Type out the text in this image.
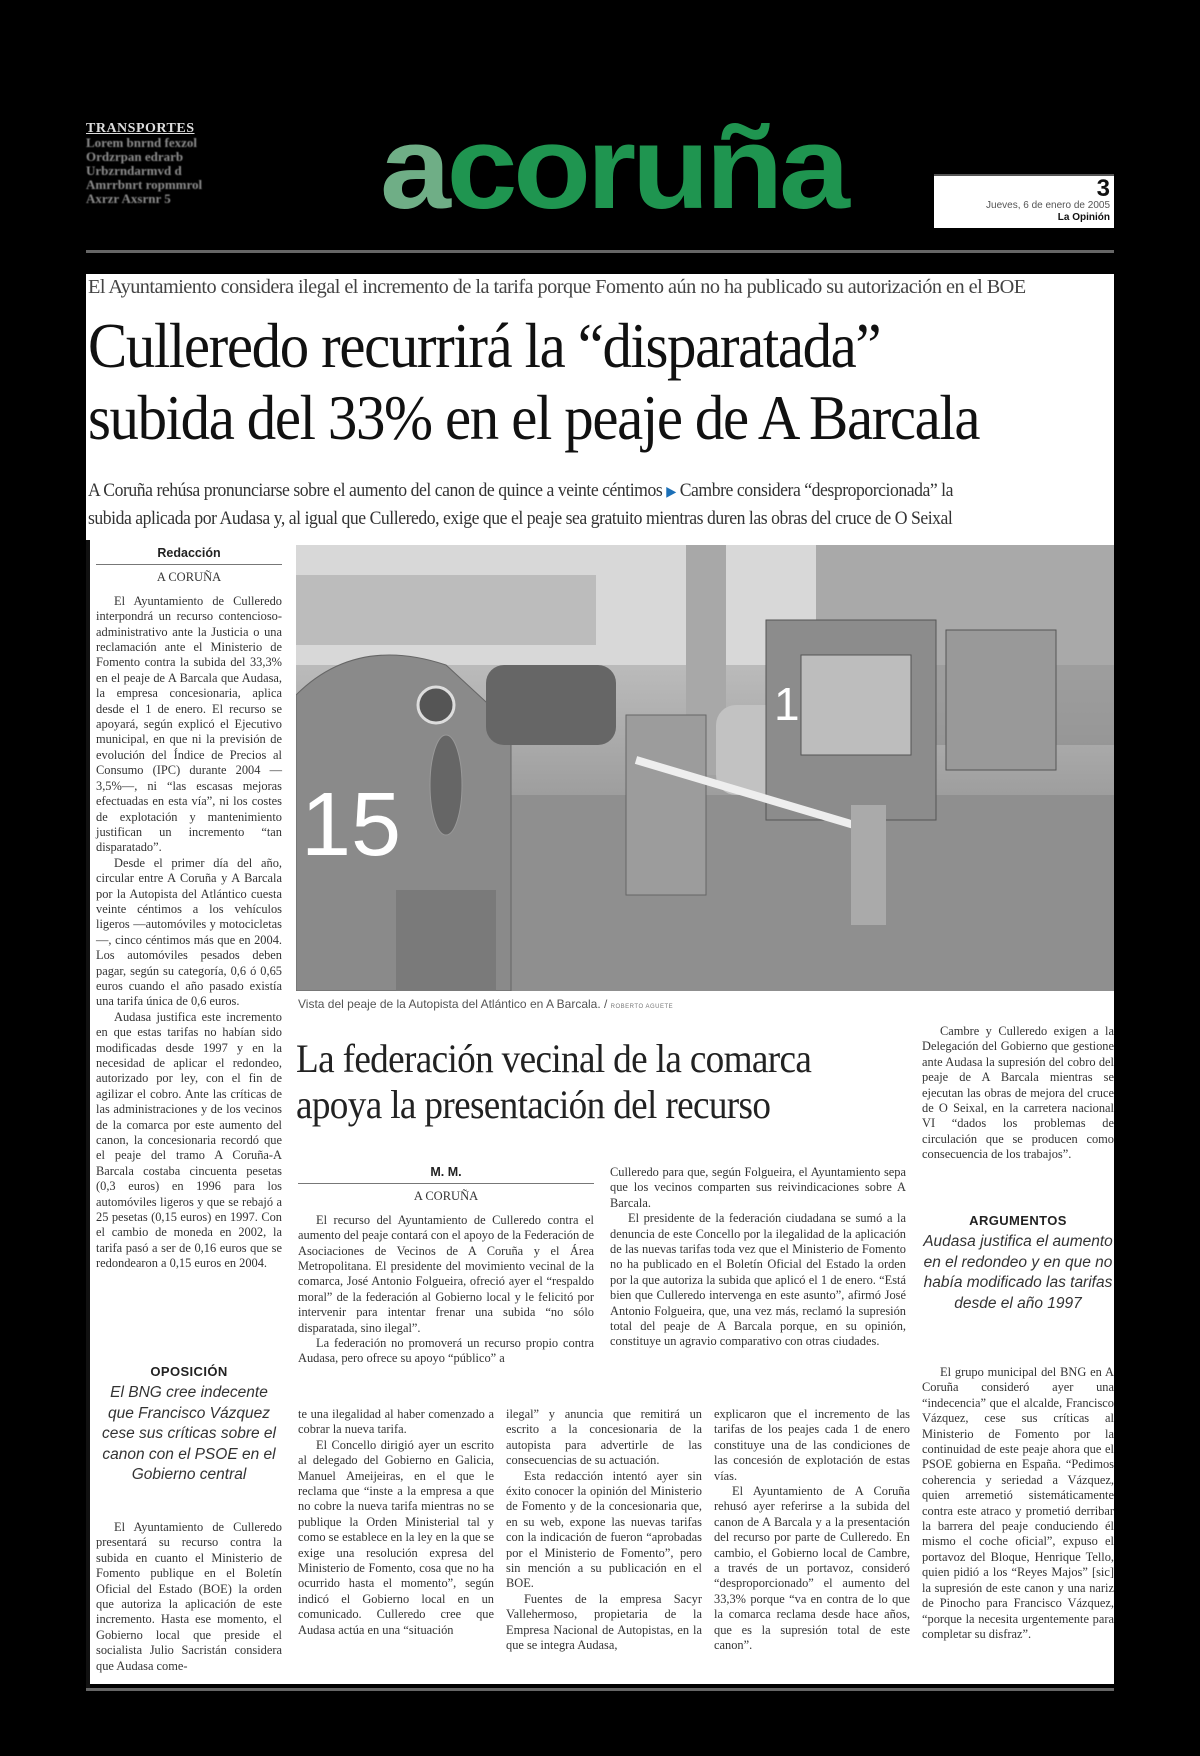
TRANSPORTES
Lorem bnrnd fexzol
Ordzrpan edrarb
Urbzrndarmvd d
Amrrbnrt ropmmrol
Axrzr Axsrnr 5	acoruña	3
Jueves, 6 de enero de 2005
La Opinión
El Ayuntamiento considera ilegal el incremento de la tarifa porque Fomento aún no ha publicado su autorización en el BOE
Culleredo recurrirá la “disparatada”
subida del 33% en el peaje de A Barcala
A Coruña rehúsa pronunciarse sobre el aumento del canon de quince a veinte céntimos ▶ Cambre considera “desproporcionada” la
subida aplicada por Audasa y, al igual que Culleredo, exige que el peaje sea gratuito mientras duren las obras del cruce de O Seixal
Redacción
A CORUÑA

El Ayuntamiento de Culleredo interpondrá un recurso contencioso-administrativo ante la Justicia o una reclamación ante el Ministerio de Fomento contra la subida del 33,3% en el peaje de A Barcala que Audasa, la empresa concesionaria, aplica desde el 1 de enero. El recurso se apoyará, según explicó el Ejecutivo municipal, en que ni la previsión de evolución del Índice de Precios al Consumo (IPC) durante 2004 —3,5%—, ni “las escasas mejoras efectuadas en esta vía”, ni los costes de explotación y mantenimiento justifican un incremento “tan disparatado”.

Desde el primer día del año, circular entre A Coruña y A Barcala por la Autopista del Atlántico cuesta veinte céntimos a los vehículos ligeros —automóviles y motocicletas—, cinco céntimos más que en 2004. Los automóviles pesados deben pagar, según su categoría, 0,6 ó 0,65 euros cuando el año pasado existía una tarifa única de 0,6 euros.

Audasa justifica este incremento en que estas tarifas no habían sido modificadas desde 1997 y en la necesidad de aplicar el redondeo, autorizado por ley, con el fin de agilizar el cobro. Ante las críticas de las administraciones y de los vecinos de la comarca por este aumento del canon, la concesionaria recordó que el peaje del tramo A Coruña-A Barcala costaba cincuenta pesetas (0,3 euros) en 1996 para los automóviles ligeros y que se rebajó a 25 pesetas (0,15 euros) en 1997. Con el cambio de moneda en 2002, la tarifa pasó a ser de 0,16 euros que se redondearon a 0,15 euros en 2004.

OPOSICIÓN
El BNG cree indecente que Francisco Vázquez cese sus críticas sobre el canon con el PSOE en el Gobierno central

El Ayuntamiento de Culleredo presentará su recurso contra la subida en cuanto el Ministerio de Fomento publique en el Boletín Oficial del Estado (BOE) la orden que autoriza la aplicación de este incremento. Hasta ese momento, el Gobierno local que preside el socialista Julio Sacristán considera que Audasa come-

15
1
Vista del peaje de la Autopista del Atlántico en A Barcala. / ROBERTO AGUETE
La federación vecinal de la comarca
apoya la presentación del recurso
M. M.
A CORUÑA

El recurso del Ayuntamiento de Culleredo contra el aumento del peaje contará con el apoyo de la Federación de Asociaciones de Vecinos de A Coruña y el Área Metropolitana. El presidente del movimiento vecinal de la comarca, José Antonio Folgueira, ofreció ayer el “respaldo moral” de la federación al Gobierno local y le felicitó por intervenir para intentar frenar una subida “no sólo disparatada, sino ilegal”.

La federación no promoverá un recurso propio contra Audasa, pero ofrece su apoyo “público” a

Culleredo para que, según Folgueira, el Ayuntamiento sepa que los vecinos comparten sus reivindicaciones sobre A Barcala.

El presidente de la federación ciudadana se sumó a la denuncia de este Concello por la ilegalidad de la aplicación de las nuevas tarifas toda vez que el Ministerio de Fomento no ha publicado en el Boletín Oficial del Estado la orden por la que autoriza la subida que aplicó el 1 de enero. “Está bien que Culleredo intervenga en este asunto”, afirmó José Antonio Folgueira, que, una vez más, reclamó la supresión total del peaje de A Barcala porque, en su opinión, constituye un agravio comparativo con otras ciudades.

te una ilegalidad al haber comenzado a cobrar la nueva tarifa.

El Concello dirigió ayer un escrito al delegado del Gobierno en Galicia, Manuel Ameijeiras, en el que le reclama que “inste a la empresa a que no cobre la nueva tarifa mientras no se publique la Orden Ministerial tal y como se establece en la ley en la que se exige una resolución expresa del Ministerio de Fomento, cosa que no ha ocurrido hasta el momento”, según indicó el Gobierno local en un comunicado. Culleredo cree que Audasa actúa en una “situación

ilegal” y anuncia que remitirá un escrito a la concesionaria de la autopista para advertirle de las consecuencias de su actuación.

Esta redacción intentó ayer sin éxito conocer la opinión del Ministerio de Fomento y de la concesionaria que, en su web, expone las nuevas tarifas con la indicación de fueron “aprobadas por el Ministerio de Fomento”, pero sin mención a su publicación en el BOE.

Fuentes de la empresa Sacyr Vallehermoso, propietaria de la Empresa Nacional de Autopistas, en la que se integra Audasa,

explicaron que el incremento de las tarifas de los peajes cada 1 de enero constituye una de las condiciones de las concesión de explotación de estas vías.

El Ayuntamiento de A Coruña rehusó ayer referirse a la subida del canon de A Barcala y a la presentación del recurso por parte de Culleredo. En cambio, el Gobierno local de Cambre, a través de un portavoz, consideró “desproporcionado” el aumento del 33,3% porque “va en contra de lo que la comarca reclama desde hace años, que es la supresión total de este canon”.

Cambre y Culleredo exigen a la Delegación del Gobierno que gestione ante Audasa la supresión del cobro del peaje de A Barcala mientras se ejecutan las obras de mejora del cruce de O Seixal, en la carretera nacional VI “dados los problemas de circulación que se producen como consecuencia de los trabajos”.

ARGUMENTOS
Audasa justifica el aumento en el redondeo y en que no había modificado las tarifas desde el año 1997

El grupo municipal del BNG en A Coruña consideró ayer una “indecencia” que el alcalde, Francisco Vázquez, cese sus críticas al Ministerio de Fomento por la continuidad de este peaje ahora que el PSOE gobierna en España. “Pedimos coherencia y seriedad a Vázquez, quien arremetió sistemáticamente contra este atraco y prometió derribar la barrera del peaje conduciendo él mismo el coche oficial”, expuso el portavoz del Bloque, Henrique Tello, quien pidió a los “Reyes Majos” [sic] la supresión de este canon y una nariz de Pinocho para Francisco Vázquez, “porque la necesita urgentemente para completar su disfraz”.
